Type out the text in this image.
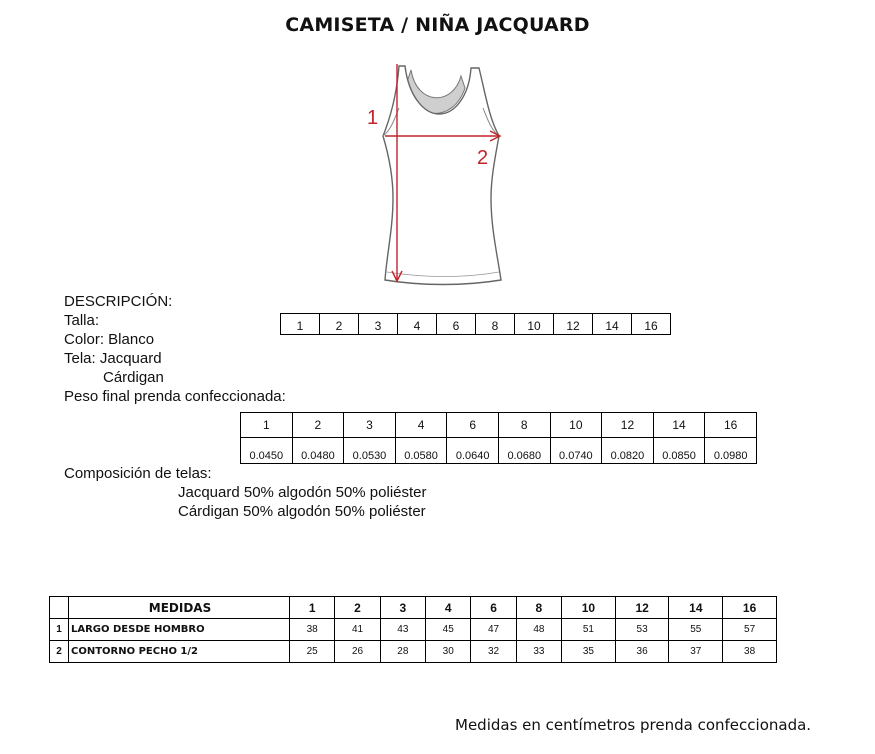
CAMISETA / NIÑA JACQUARD
1
2
DESCRIPCIÓN:
Talla:
Color: Blanco
Tela: Jacquard
Cárdigan
Peso final prenda confeccionada:
1	2	3	4	6	8	10	12	14	16
1	2	3	4	6	8	10	12	14	16
0.0450	0.0480	0.0530	0.0580	0.0640	0.0680	0.0740	0.0820	0.0850	0.0980
Composición de telas:
Jacquard 50% algodón 50% poliéster
Cárdigan 50% algodón 50% poliéster
	MEDIDAS	1	2	3	4	6	8	10	12	14	16
1	LARGO DESDE HOMBRO	38	41	43	45	47	48	51	53	55	57
2	CONTORNO PECHO 1/2	25	26	28	30	32	33	35	36	37	38
Medidas en centímetros prenda confeccionada.
